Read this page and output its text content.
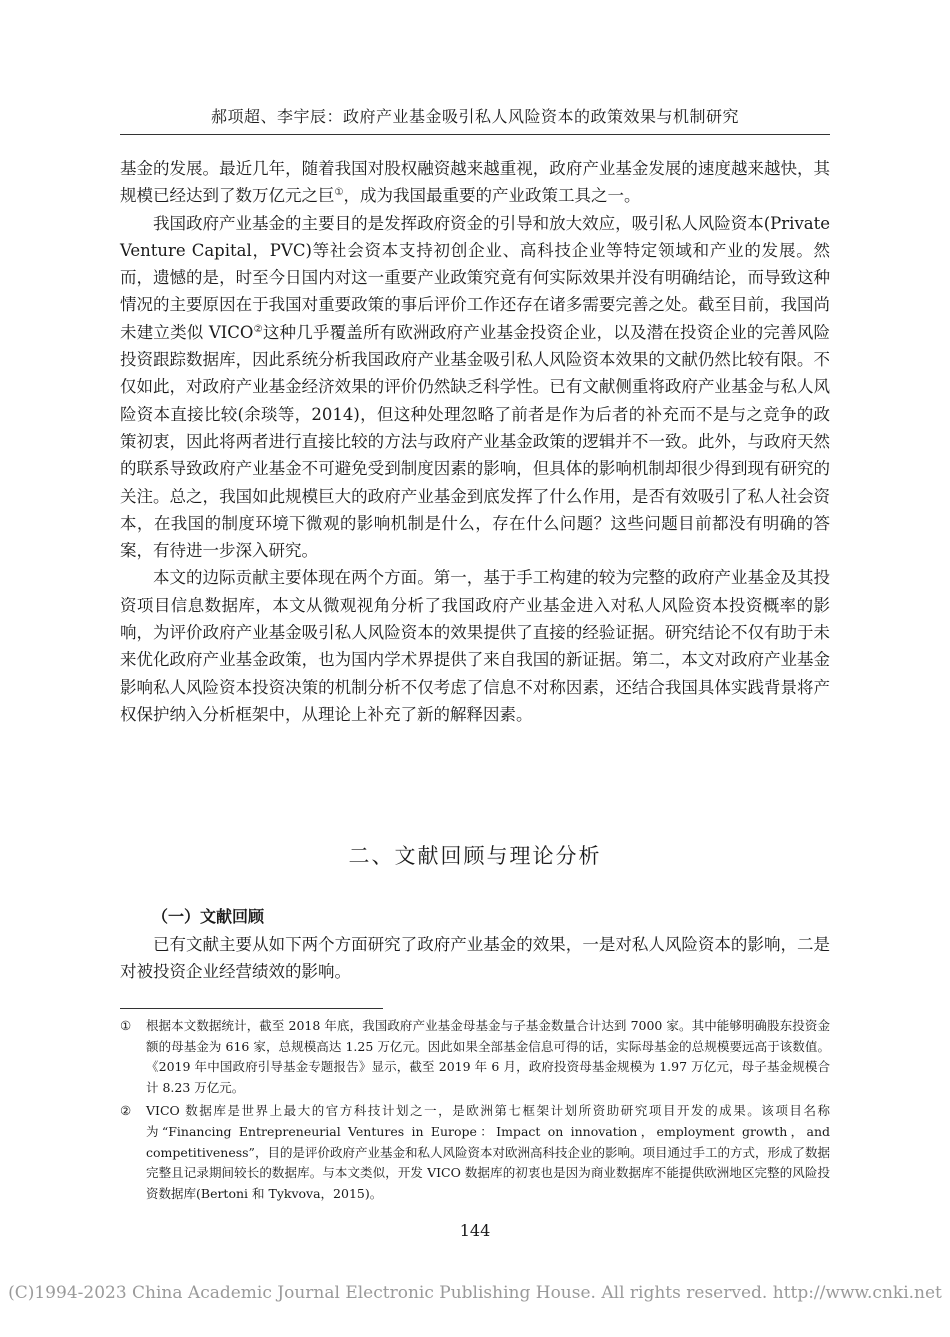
郝项超、李宇辰：政府产业基金吸引私人风险资本的政策效果与机制研究

基金的发展。最近几年，随着我国对股权融资越来越重视，政府产业基金发展的速度越来越快，其规模已经达到了数万亿元之巨①，成为我国最重要的产业政策工具之一。

我国政府产业基金的主要目的是发挥政府资金的引导和放大效应，吸引私人风险资本(Private Venture Capital，PVC)等社会资本支持初创企业、高科技企业等特定领域和产业的发展。然而，遗憾的是，时至今日国内对这一重要产业政策究竟有何实际效果并没有明确结论，而导致这种情况的主要原因在于我国对重要政策的事后评价工作还存在诸多需要完善之处。截至目前，我国尚未建立类似 VICO②这种几乎覆盖所有欧洲政府产业基金投资企业，以及潜在投资企业的完善风险投资跟踪数据库，因此系统分析我国政府产业基金吸引私人风险资本效果的文献仍然比较有限。不仅如此，对政府产业基金经济效果的评价仍然缺乏科学性。已有文献侧重将政府产业基金与私人风险资本直接比较(余琰等，2014)，但这种处理忽略了前者是作为后者的补充而不是与之竞争的政策初衷，因此将两者进行直接比较的方法与政府产业基金政策的逻辑并不一致。此外，与政府天然的联系导致政府产业基金不可避免受到制度因素的影响，但具体的影响机制却很少得到现有研究的关注。总之，我国如此规模巨大的政府产业基金到底发挥了什么作用，是否有效吸引了私人社会资本，在我国的制度环境下微观的影响机制是什么，存在什么问题？这些问题目前都没有明确的答案，有待进一步深入研究。

本文的边际贡献主要体现在两个方面。第一，基于手工构建的较为完整的政府产业基金及其投资项目信息数据库，本文从微观视角分析了我国政府产业基金进入对私人风险资本投资概率的影响，为评价政府产业基金吸引私人风险资本的效果提供了直接的经验证据。研究结论不仅有助于未来优化政府产业基金政策，也为国内学术界提供了来自我国的新证据。第二，本文对政府产业基金影响私人风险资本投资决策的机制分析不仅考虑了信息不对称因素，还结合我国具体实践背景将产权保护纳入分析框架中，从理论上补充了新的解释因素。

二、文献回顾与理论分析
（一）文献回顾

已有文献主要从如下两个方面研究了政府产业基金的效果，一是对私人风险资本的影响，二是对被投资企业经营绩效的影响。

①	根据本文数据统计，截至 2018 年底，我国政府产业基金母基金与子基金数量合计达到 7000 家。其中能够明确股东投资金额的母基金为 616 家，总规模高达 1.25 万亿元。因此如果全部基金信息可得的话，实际母基金的总规模要远高于该数值。《2019 年中国政府引导基金专题报告》显示，截至 2019 年 6 月，政府投资母基金规模为 1.97 万亿元，母子基金规模合计 8.23 万亿元。
②	VICO 数据库是世界上最大的官方科技计划之一，是欧洲第七框架计划所资助研究项目开发的成果。该项目名称为“Financing Entrepreneurial Ventures in Europe：Impact on innovation，employment growth，and competitiveness”，目的是评价政府产业基金和私人风险资本对欧洲高科技企业的影响。项目通过手工的方式，形成了数据完整且记录期间较长的数据库。与本文类似，开发 VICO 数据库的初衷也是因为商业数据库不能提供欧洲地区完整的风险投资数据库(Bertoni 和 Tykvova，2015)。
144
(C)1994-2023 China Academic Journal Electronic Publishing House. All rights reserved. http://www.cnki.net
